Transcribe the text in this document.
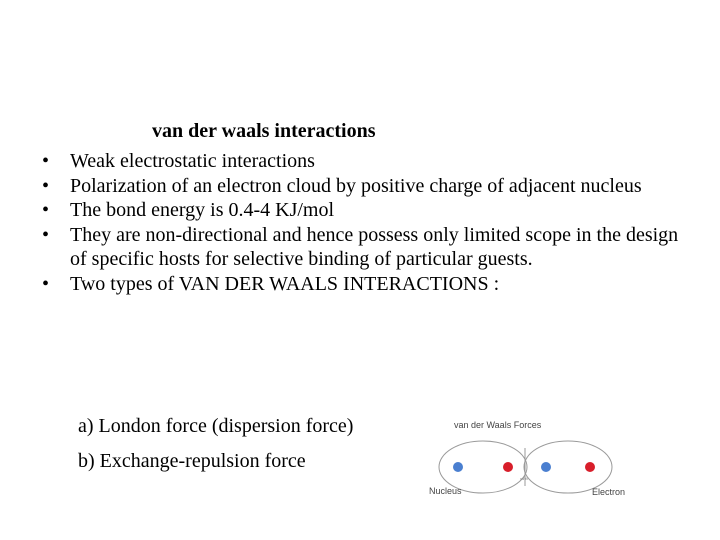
van der waals interactions
• Weak electrostatic interactions
• Polarization of an electron cloud by positive charge of adjacent nucleus
• The bond energy is 0.4-4 KJ/mol
• They are non-directional and hence possess only limited scope in the design of specific hosts for selective binding of particular guests.
• Two types of VAN DER WAALS INTERACTIONS :
a) London force (dispersion force)
b) Exchange-repulsion force
van der Waals Forces
vdW
Nucleus	Electron
